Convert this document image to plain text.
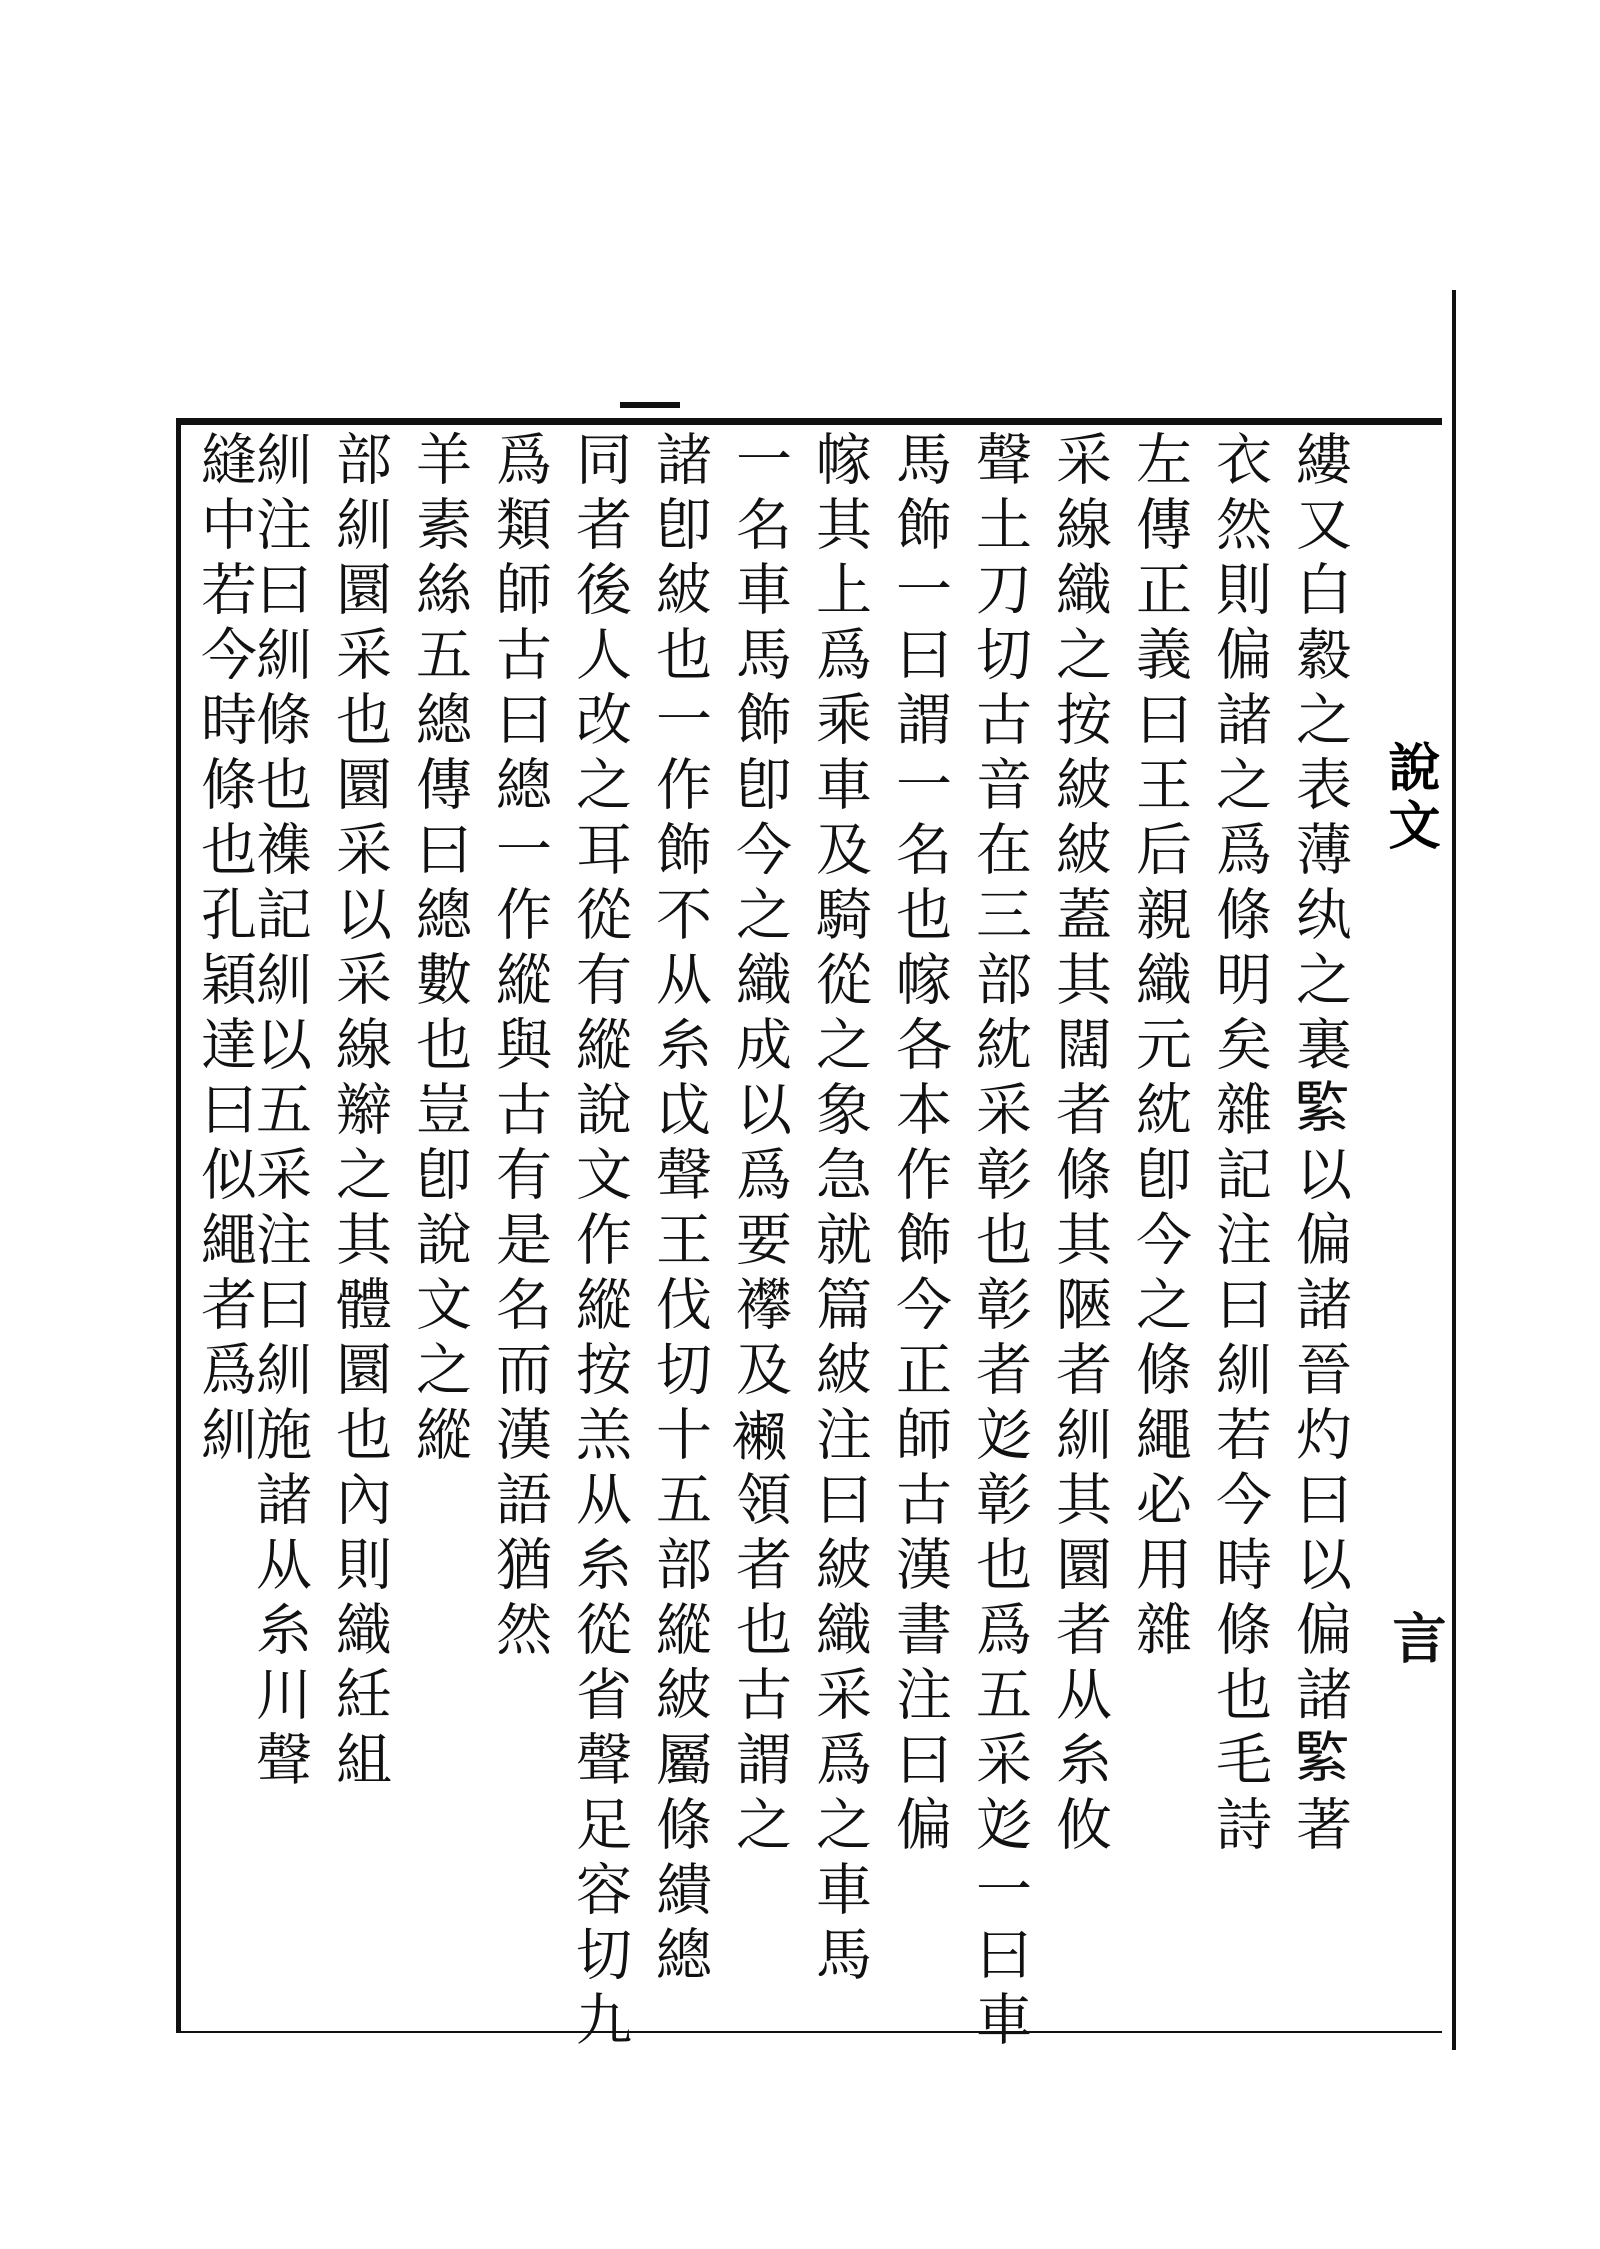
縷又白縠之表薄纨之裏𦂳以偏諸晉灼曰以偏諸𦂳著
衣然則偏諸之爲條明矣雜記注曰紃若今時條也毛詩
左傳正義曰王后親織元紞卽今之條繩必用雜
采線織之按紴紴蓋其闊者條其陿者紃其圜者从糸攸
聲土刀切古音在三部紞采彰也彰者彣彰也爲五采彣一曰車
馬飾一曰謂一名也幏各本作飾今正師古漢書注曰偏
幏其上爲乘車及騎從之象急就篇紴注曰紴織采爲之車馬
一名車馬飾卽今之織成以爲要襻及𧝝領者也古謂之
諸卽紴也一作飾不从糸戉聲王伐切十五部縱紴屬條繢總
同者後人改之耳從有縱說文作縱按羔从糸從省聲足容切九
爲類師古曰總一作縱與古有是名而漢語猶然
羊素絲五總傳曰總數也豈卽說文之縱
部紃圜采也圜采以采線辮之其體圜也內則織紝組
紃注曰紃條也襍記紃以五采注曰紃施諸从糸川聲
縫中若今時條也孔穎達曰似繩者爲紃	說文
言
